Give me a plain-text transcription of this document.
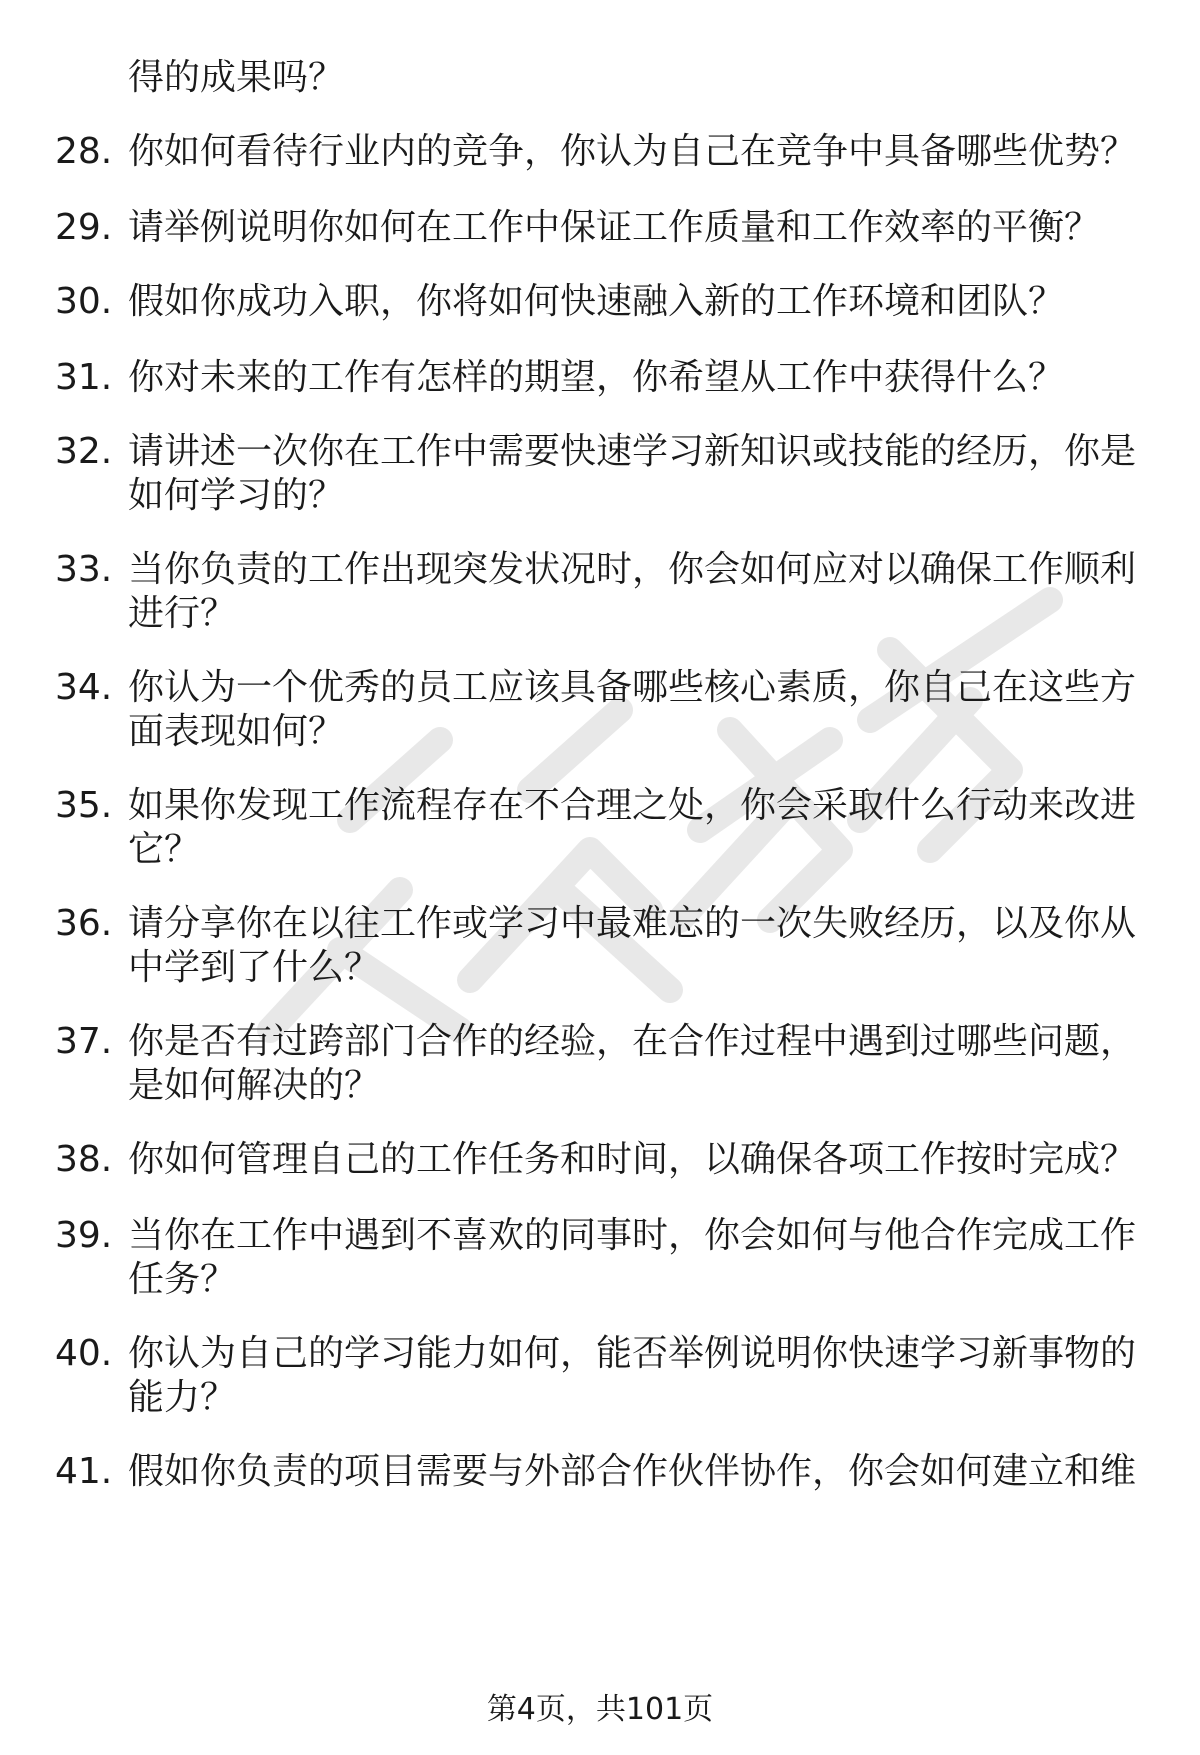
得的成果吗？
28. 你如何看待行业内的竞争，你认为自己在竞争中具备哪些优势？
29. 请举例说明你如何在工作中保证工作质量和工作效率的平衡？
30. 假如你成功入职，你将如何快速融入新的工作环境和团队？
31. 你对未来的工作有怎样的期望，你希望从工作中获得什么？
32. 请讲述一次你在工作中需要快速学习新知识或技能的经历，你是
如何学习的？
33. 当你负责的工作出现突发状况时，你会如何应对以确保工作顺利
进行？
34. 你认为一个优秀的员工应该具备哪些核心素质，你自己在这些方
面表现如何？
35. 如果你发现工作流程存在不合理之处，你会采取什么行动来改进
它？
36. 请分享你在以往工作或学习中最难忘的一次失败经历，以及你从
中学到了什么？
37. 你是否有过跨部门合作的经验，在合作过程中遇到过哪些问题，
是如何解决的？
38. 你如何管理自己的工作任务和时间，以确保各项工作按时完成？
39. 当你在工作中遇到不喜欢的同事时，你会如何与他合作完成工作
任务？
40. 你认为自己的学习能力如何，能否举例说明你快速学习新事物的
能力？
41. 假如你负责的项目需要与外部合作伙伴协作，你会如何建立和维
第4页，共101页
